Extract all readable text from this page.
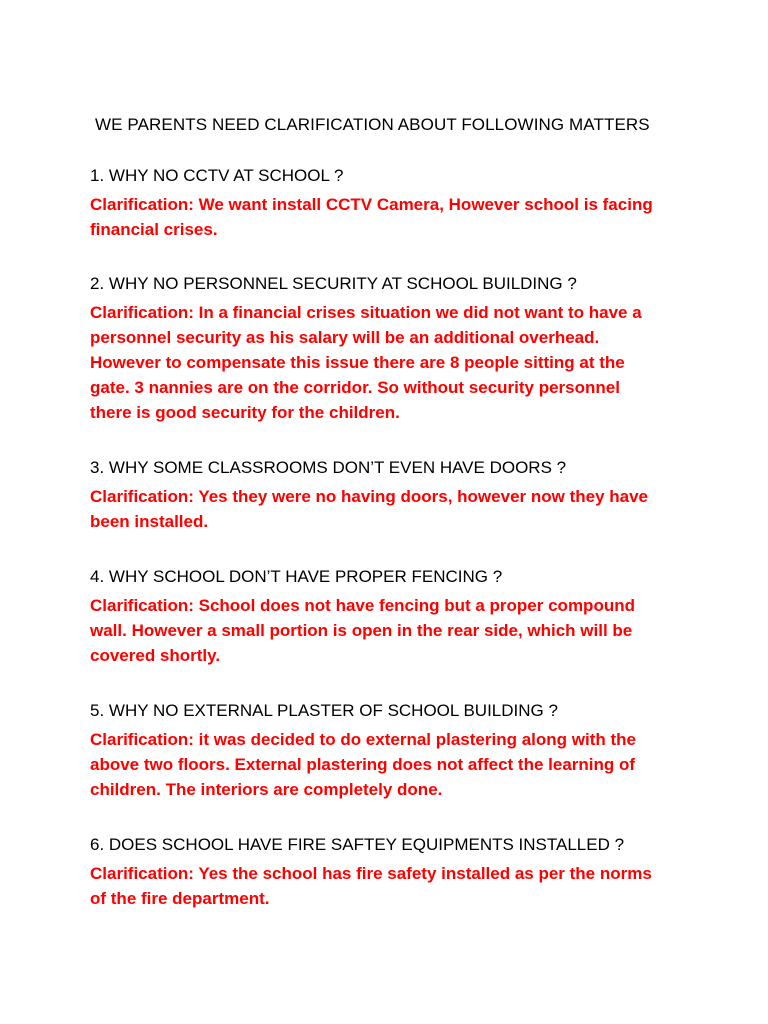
WE PARENTS NEED CLARIFICATION ABOUT FOLLOWING MATTERS

1. WHY NO CCTV AT SCHOOL ?

Clarification: We want install CCTV Camera, However school is facing
financial crises.

2. WHY NO PERSONNEL SECURITY AT SCHOOL BUILDING ?

Clarification: In a financial crises situation we did not want to have a
personnel security as his salary will be an additional overhead.
However to compensate this issue there are 8 people sitting at the
gate. 3 nannies are on the corridor. So without security personnel
there is good security for the children.

3. WHY SOME CLASSROOMS DON’T EVEN HAVE DOORS ?

Clarification: Yes they were no having doors, however now they have
been installed.

4. WHY SCHOOL DON’T HAVE PROPER FENCING ?

Clarification: School does not have fencing but a proper compound
wall. However a small portion is open in the rear side, which will be
covered shortly.

5. WHY NO EXTERNAL PLASTER OF SCHOOL BUILDING ?

Clarification: it was decided to do external plastering along with the
above two floors. External plastering does not affect the learning of
children. The interiors are completely done.

6. DOES SCHOOL HAVE FIRE SAFTEY EQUIPMENTS INSTALLED ?

Clarification: Yes the school has fire safety installed as per the norms
of the fire department.
